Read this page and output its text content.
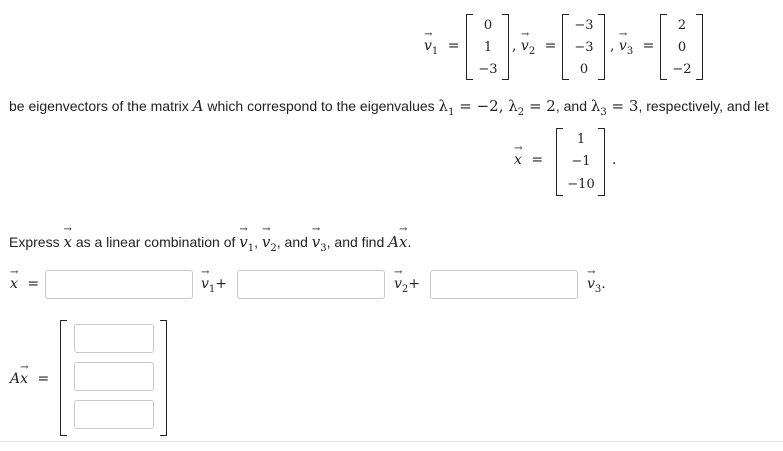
→ $v_1$ =
0
1
−3
, → $v_2$ =
−3
−3
0
, → $v_3$ =
2
0
−2
be eigenvectors of the matrix A which correspond to the eigenvalues $\lambda_1 = -2$, $\lambda_2 = 2$, and $\lambda_3 = 3$, respectively, and let
→ x =
1
−1
−10
.
Express → x as a linear combination of → $v_1$, → $v_2$, and → $v_3$, and find A→ x.
→ x =	→ $v_1+$	→ $v_2+$	→ $v_3$.
A→ x =
